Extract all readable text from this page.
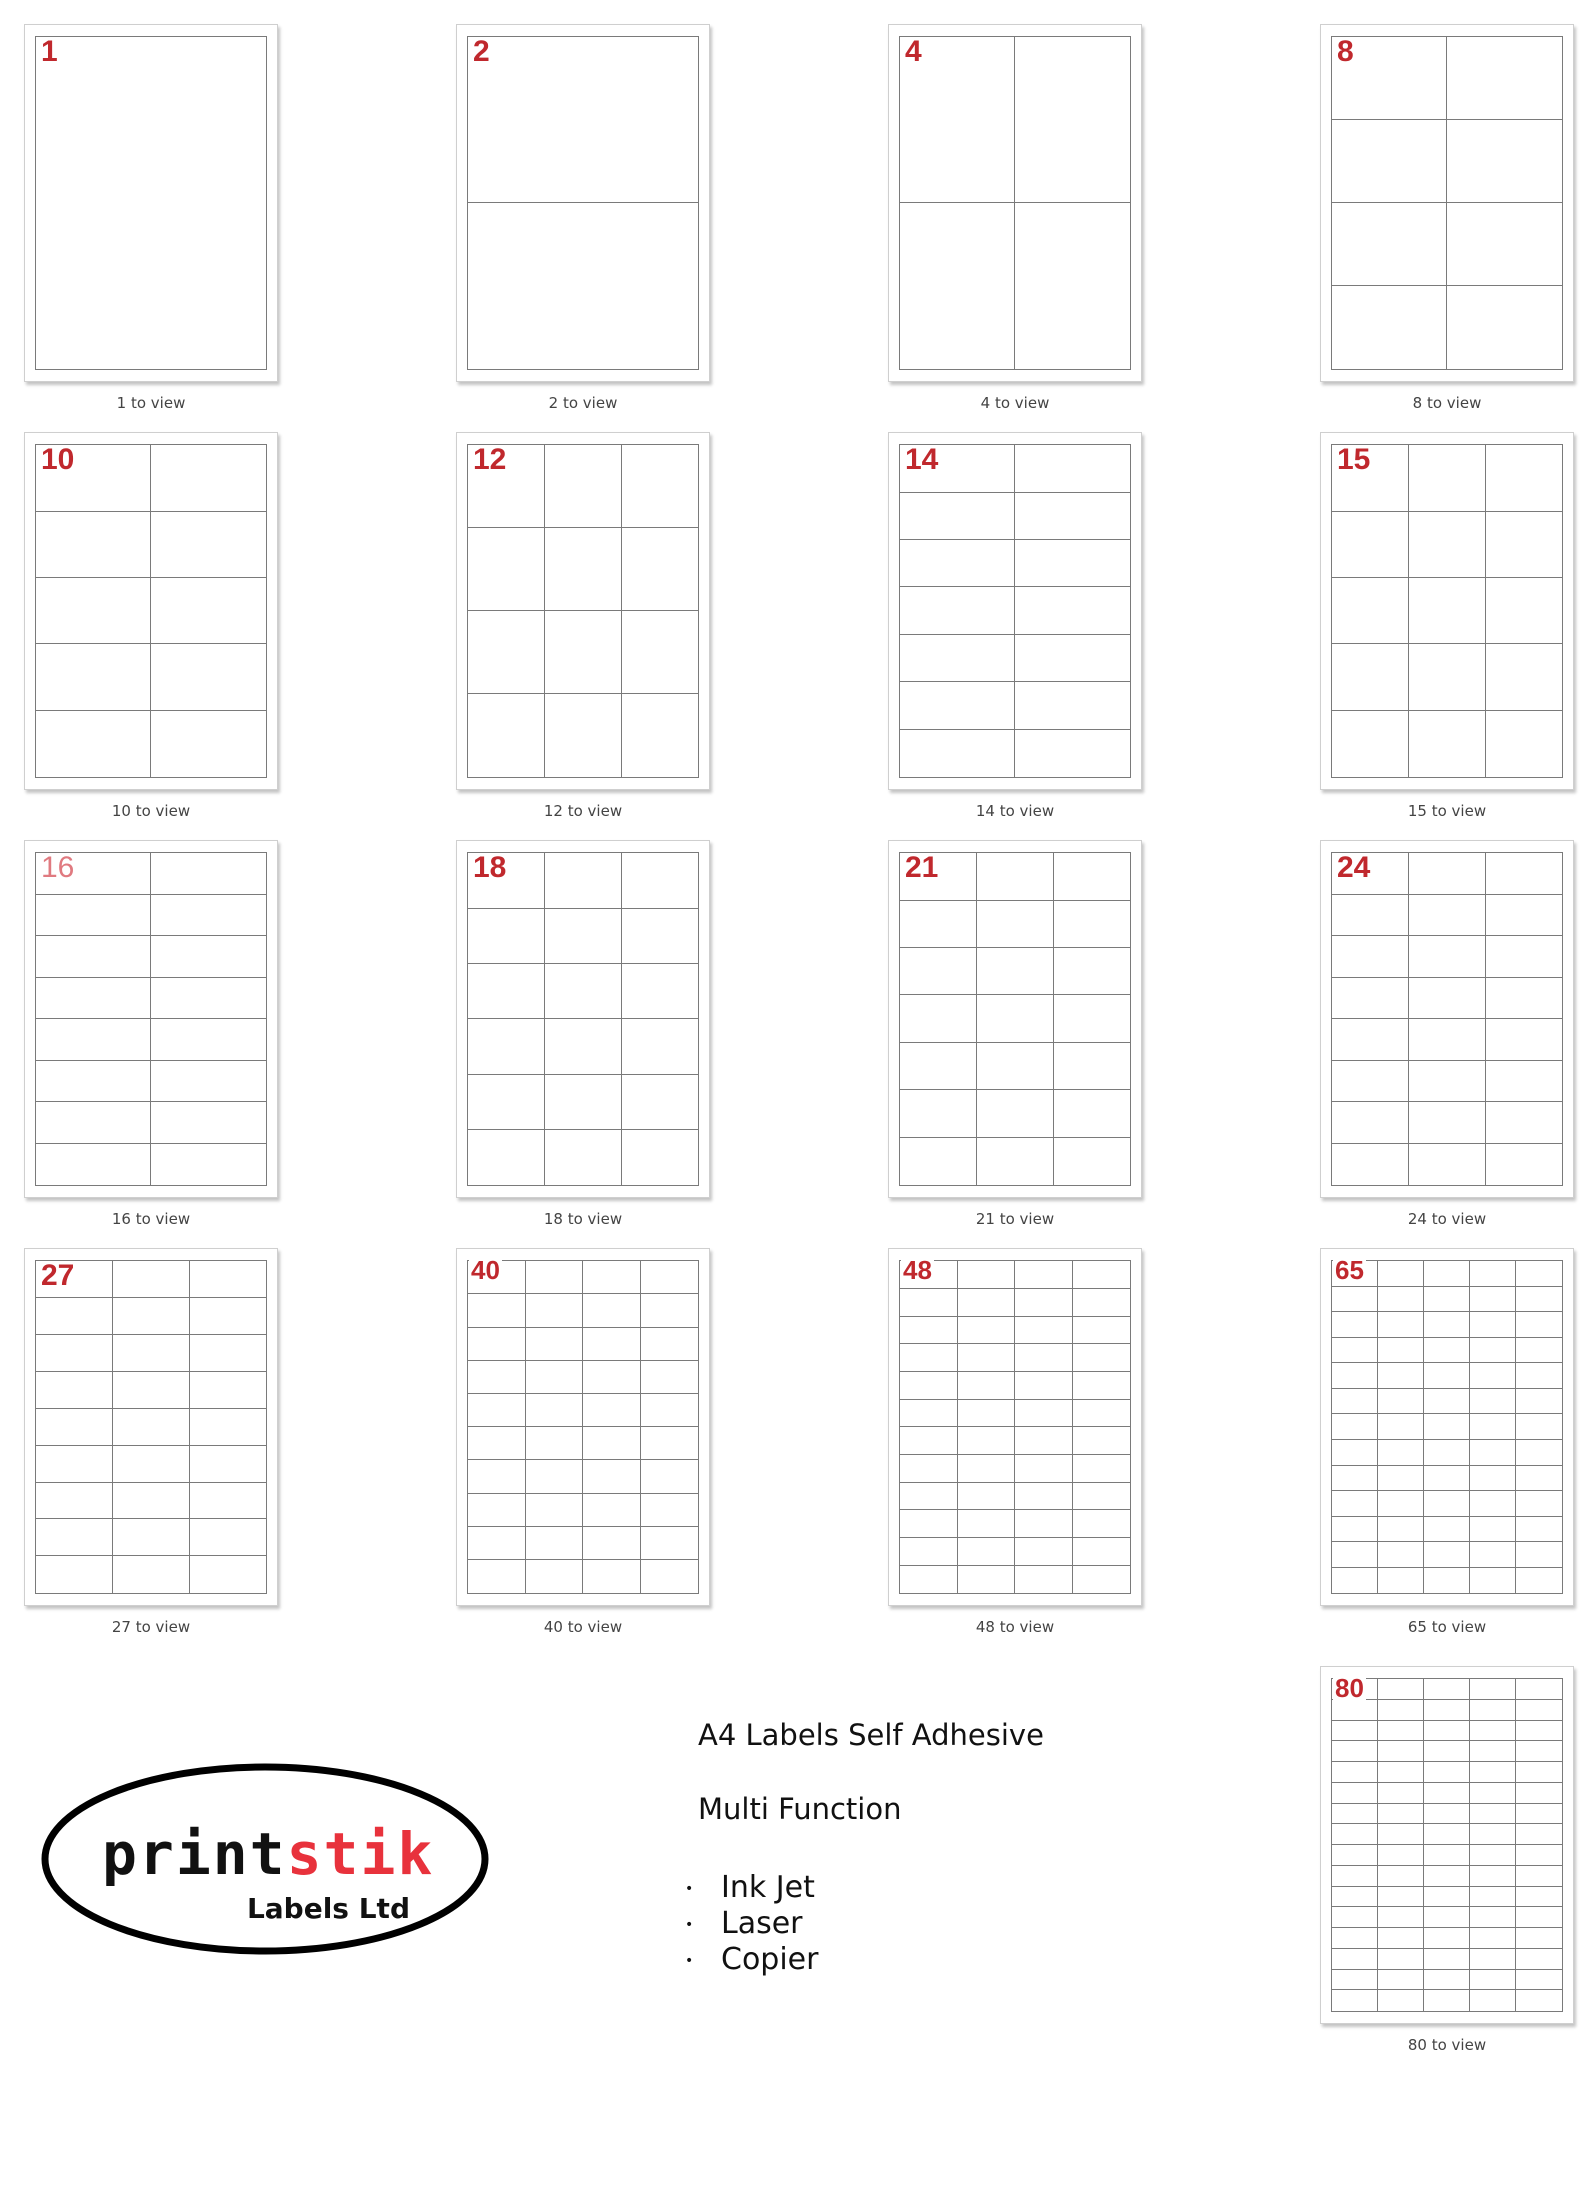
1
1 to view
2
2 to view
4
4 to view
8
8 to view
10
10 to view
12
12 to view
14
14 to view
15
15 to view
16
16 to view
18
18 to view
21
21 to view
24
24 to view
27
27 to view
40
40 to view
48
48 to view
65
65 to view
80
80 to view
printstik
Labels Ltd
A4 Labels Self Adhesive
Multi Function
• Ink Jet
• Laser
• Copier
